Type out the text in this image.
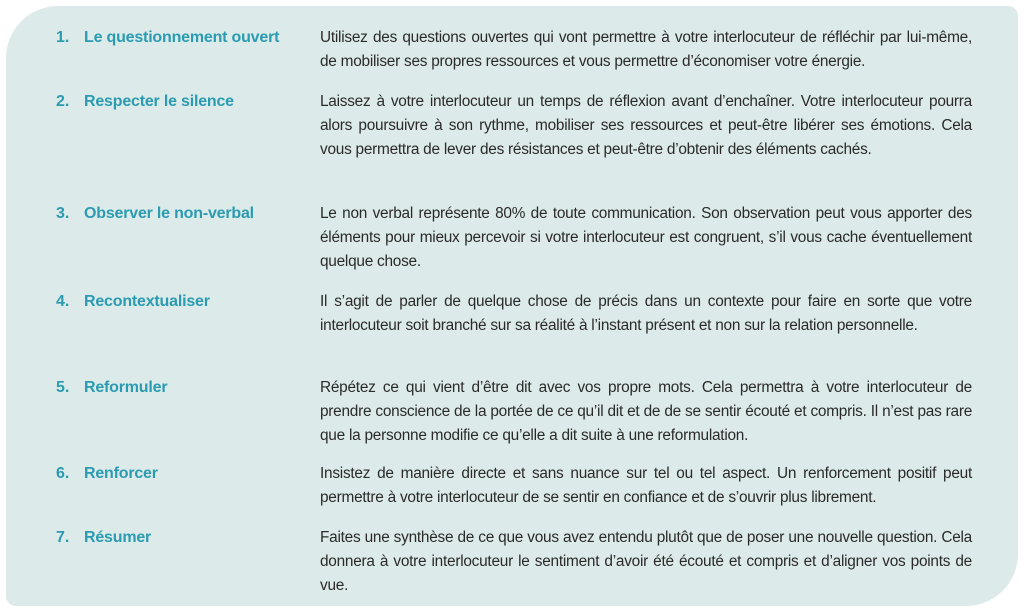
1. Le questionnement ouvert	Utilisez des questions ouvertes qui vont permettre à votre interlocuteur de réfléchir par lui-même, de mobiliser ses propres ressources et vous permettre d’économiser votre énergie.
2. Respecter le silence	Laissez à votre interlocuteur un temps de réflexion avant d’enchaîner. Votre interlocuteur pourra alors poursuivre à son rythme, mobiliser ses ressources et peut-être libérer ses émotions. Cela vous permettra de lever des résistances et peut-être d’obtenir des éléments cachés.
3. Observer le non-verbal	Le non verbal représente 80% de toute communication. Son observation peut vous apporter des éléments pour mieux percevoir si votre interlocuteur est congruent, s’il vous cache éventuellement quelque chose.
4. Recontextualiser	Il s’agit de parler de quelque chose de précis dans un contexte pour faire en sorte que votre interlocuteur soit branché sur sa réalité à l’instant présent et non sur la relation personnelle.
5. Reformuler	Répétez ce qui vient d’être dit avec vos propre mots. Cela permettra à votre interlocuteur de prendre conscience de la portée de ce qu’il dit et de de se sentir écouté et compris. Il n’est pas rare que la personne modifie ce qu’elle a dit suite à une reformulation.
6. Renforcer	Insistez de manière directe et sans nuance sur tel ou tel aspect. Un renforcement positif peut permettre à votre interlocuteur de se sentir en confiance et de s’ouvrir plus librement.
7. Résumer	Faites une synthèse de ce que vous avez entendu plutôt que de poser une nouvelle question. Cela donnera à votre interlocuteur le sentiment d’avoir été écouté et compris et d’aligner vos points de vue.
